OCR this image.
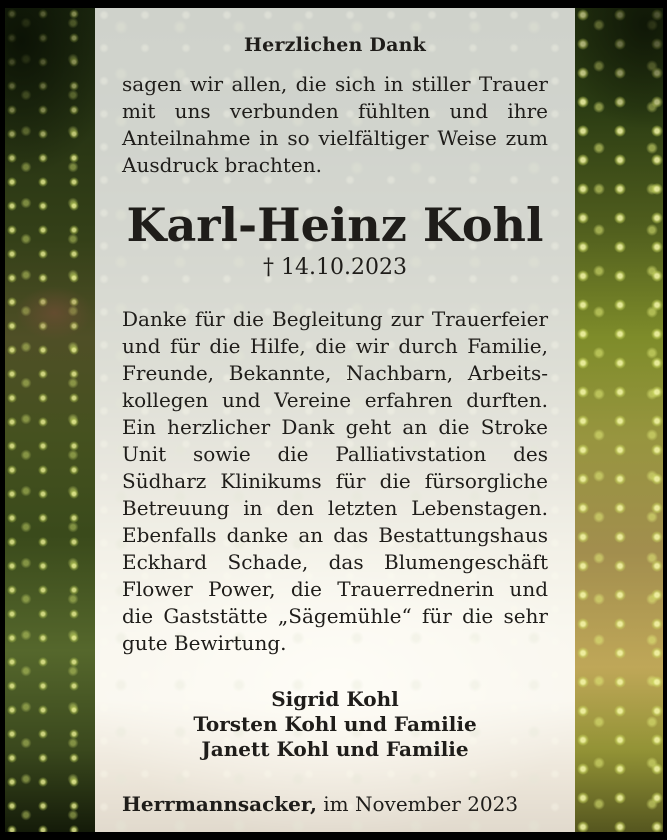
Herzlichen Dank

sagen wir allen, die sich in stiller Trauer mit uns verbunden fühlten und ihre Anteilnahme in so vielfältiger Weise zum Ausdruck brachten.

Karl-Heinz Kohl

† 14.10.2023

Danke für die Begleitung zur Trauerfeier und für die Hilfe, die wir durch Familie, Freunde, Bekannte, Nachbarn, Arbeitskollegen und Vereine erfahren durften. Ein herzlicher Dank geht an die Stroke Unit sowie die Palliativstation des Südharz Klinikums für die fürsorgliche Betreuung in den letzten Lebenstagen. Ebenfalls danke an das Bestattungshaus Eckhard Schade, das Blumengeschäft Flower Power, die Trauerrednerin und die Gaststätte „Sägemühle“ für die sehr gute Bewirtung.

Sigrid Kohl
Torsten Kohl und Familie
Janett Kohl und Familie

Herrmannsacker, im November 2023
